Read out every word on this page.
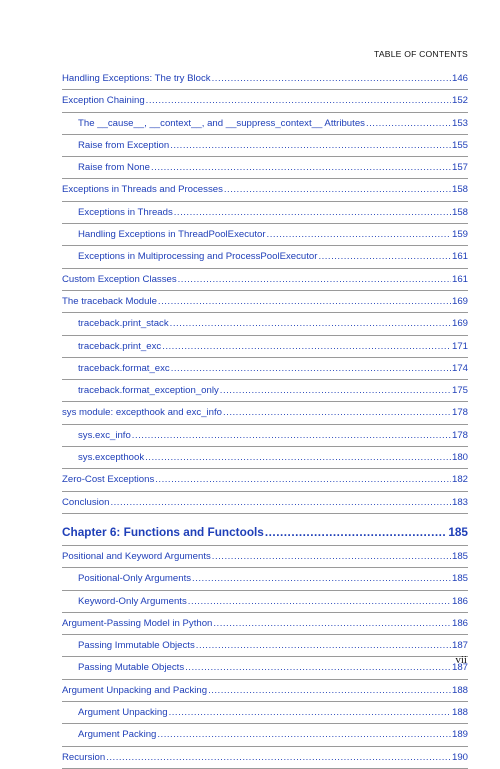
TABLE OF CONTENTS
Handling Exceptions: The try Block .....	146
Exception Chaining .....	152
The __cause__, __context__, and __suppress_context__ Attributes .....	153
Raise from Exception .....	155
Raise from None .....	157
Exceptions in Threads and Processes .....	158
Exceptions in Threads .....	158
Handling Exceptions in ThreadPoolExecutor .....	159
Exceptions in Multiprocessing and ProcessPoolExecutor .....	161
Custom Exception Classes .....	161
The traceback Module .....	169
traceback.print_stack .....	169
traceback.print_exc .....	171
traceback.format_exc .....	174
traceback.format_exception_only .....	175
sys module: excepthook and exc_info .....	178
sys.exc_info .....	178
sys.excepthook .....	180
Zero-Cost Exceptions .....	182
Conclusion .....	183
Chapter 6: Functions and Functools .....	185
Positional and Keyword Arguments .....	185
Positional-Only Arguments .....	185
Keyword-Only Arguments .....	186
Argument-Passing Model in Python .....	186
Passing Immutable Objects .....	187
Passing Mutable Objects .....	187
Argument Unpacking and Packing .....	188
Argument Unpacking .....	188
Argument Packing .....	189
Recursion .....	190
vii
